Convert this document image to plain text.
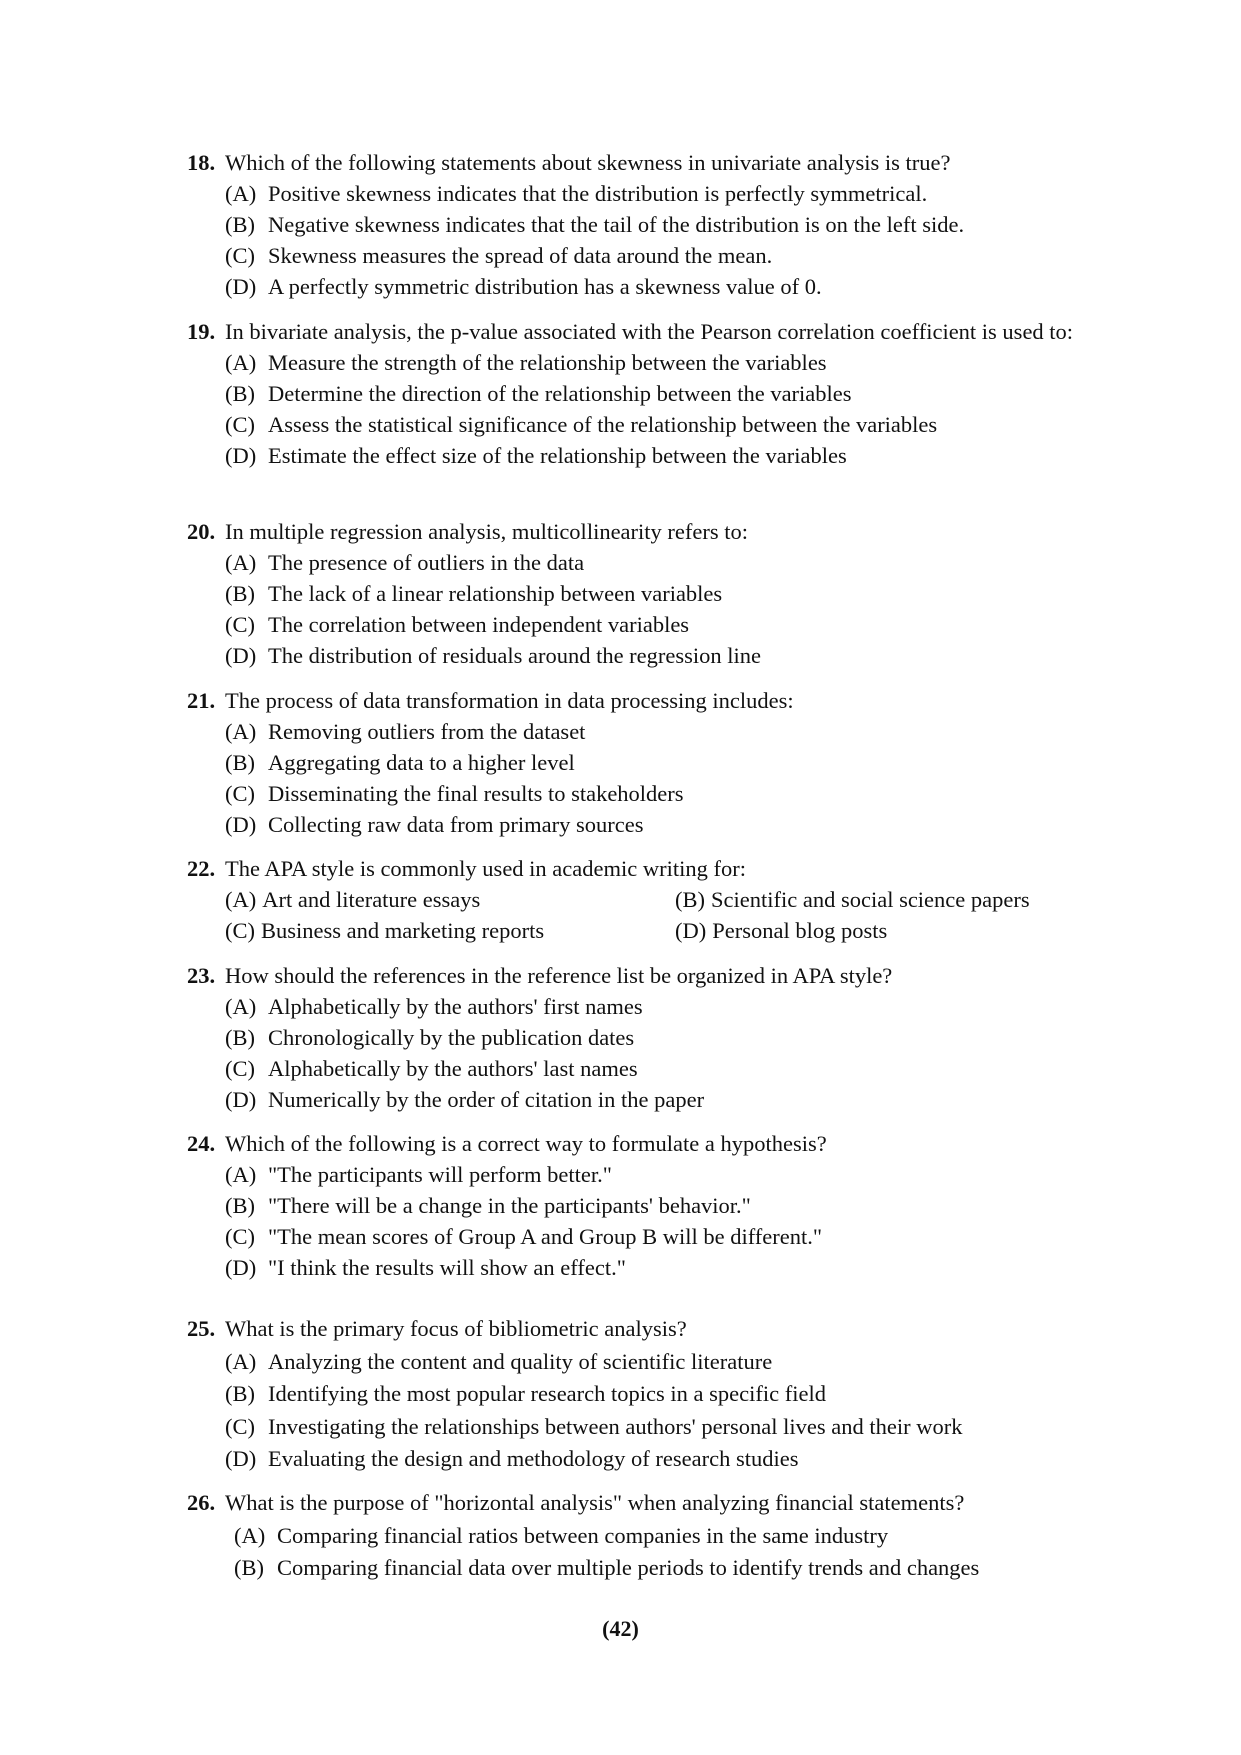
18. Which of the following statements about skewness in univariate analysis is true?
(A) Positive skewness indicates that the distribution is perfectly symmetrical.
(B) Negative skewness indicates that the tail of the distribution is on the left side.
(C) Skewness measures the spread of data around the mean.
(D) A perfectly symmetric distribution has a skewness value of 0.
19. In bivariate analysis, the p-value associated with the Pearson correlation coefficient is used to:
(A) Measure the strength of the relationship between the variables
(B) Determine the direction of the relationship between the variables
(C) Assess the statistical significance of the relationship between the variables
(D) Estimate the effect size of the relationship between the variables
20. In multiple regression analysis, multicollinearity refers to:
(A) The presence of outliers in the data
(B) The lack of a linear relationship between variables
(C) The correlation between independent variables
(D) The distribution of residuals around the regression line
21. The process of data transformation in data processing includes:
(A) Removing outliers from the dataset
(B) Aggregating data to a higher level
(C) Disseminating the final results to stakeholders
(D) Collecting raw data from primary sources
22. The APA style is commonly used in academic writing for:
(A) Art and literature essays	(B) Scientific and social science papers
(C) Business and marketing reports	(D) Personal blog posts
23. How should the references in the reference list be organized in APA style?
(A) Alphabetically by the authors' first names
(B) Chronologically by the publication dates
(C) Alphabetically by the authors' last names
(D) Numerically by the order of citation in the paper
24. Which of the following is a correct way to formulate a hypothesis?
(A) "The participants will perform better."
(B) "There will be a change in the participants' behavior."
(C) "The mean scores of Group A and Group B will be different."
(D) "I think the results will show an effect."
25. What is the primary focus of bibliometric analysis?
(A) Analyzing the content and quality of scientific literature
(B) Identifying the most popular research topics in a specific field
(C) Investigating the relationships between authors' personal lives and their work
(D) Evaluating the design and methodology of research studies
26. What is the purpose of "horizontal analysis" when analyzing financial statements?
(A) Comparing financial ratios between companies in the same industry
(B) Comparing financial data over multiple periods to identify trends and changes
(42)
